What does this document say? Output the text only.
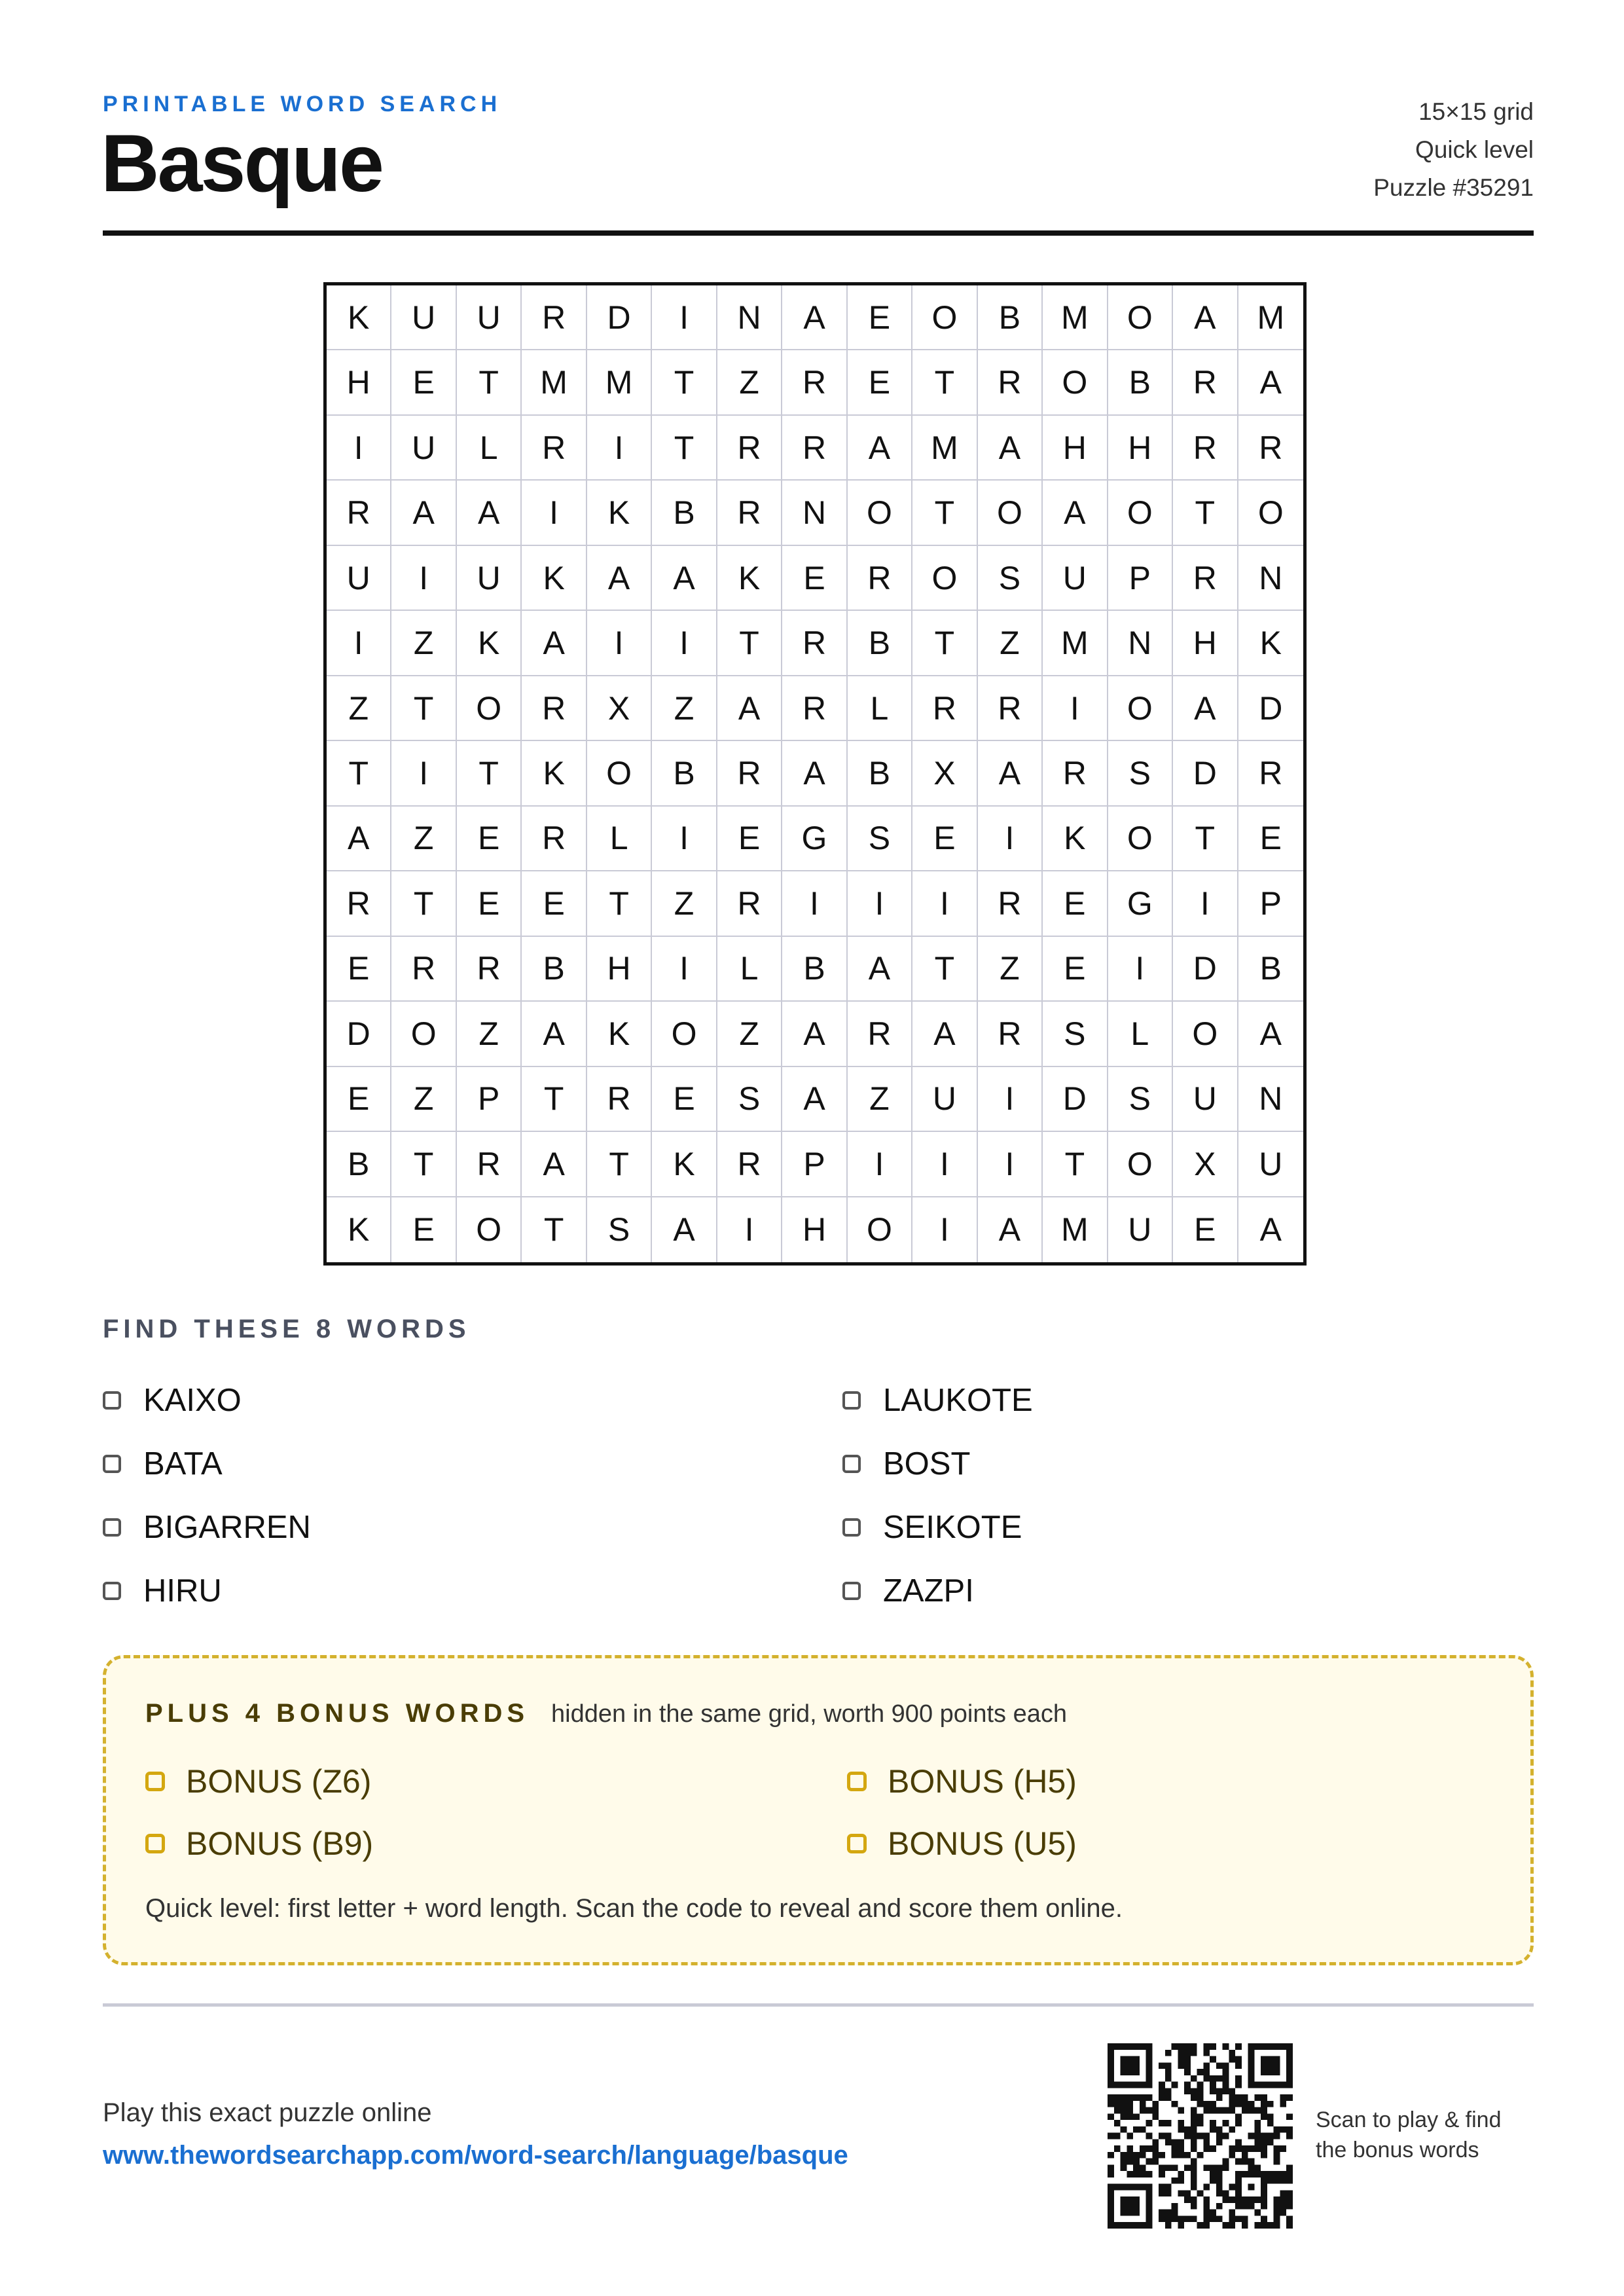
PRINTABLE WORD SEARCH
Basque
15×15 grid
Quick level
Puzzle #35291
K	U	U	R	D	I	N	A	E	O	B	M	O	A	M
H	E	T	M	M	T	Z	R	E	T	R	O	B	R	A
I	U	L	R	I	T	R	R	A	M	A	H	H	R	R
R	A	A	I	K	B	R	N	O	T	O	A	O	T	O
U	I	U	K	A	A	K	E	R	O	S	U	P	R	N
I	Z	K	A	I	I	T	R	B	T	Z	M	N	H	K
Z	T	O	R	X	Z	A	R	L	R	R	I	O	A	D
T	I	T	K	O	B	R	A	B	X	A	R	S	D	R
A	Z	E	R	L	I	E	G	S	E	I	K	O	T	E
R	T	E	E	T	Z	R	I	I	I	R	E	G	I	P
E	R	R	B	H	I	L	B	A	T	Z	E	I	D	B
D	O	Z	A	K	O	Z	A	R	A	R	S	L	O	A
E	Z	P	T	R	E	S	A	Z	U	I	D	S	U	N
B	T	R	A	T	K	R	P	I	I	I	T	O	X	U
K	E	O	T	S	A	I	H	O	I	A	M	U	E	A
FIND THESE 8 WORDS
KAIXO	LAUKOTE
BATA	BOST
BIGARREN	SEIKOTE
HIRU	ZAZPI
PLUS 4 BONUS WORDS hidden in the same grid, worth 900 points each
BONUS (Z6)	BONUS (H5)
BONUS (B9)	BONUS (U5)
Quick level: first letter + word length. Scan the code to reveal and score them online.
Play this exact puzzle online
www.thewordsearchapp.com/word-search/language/basque
Scan to play & find
the bonus words
